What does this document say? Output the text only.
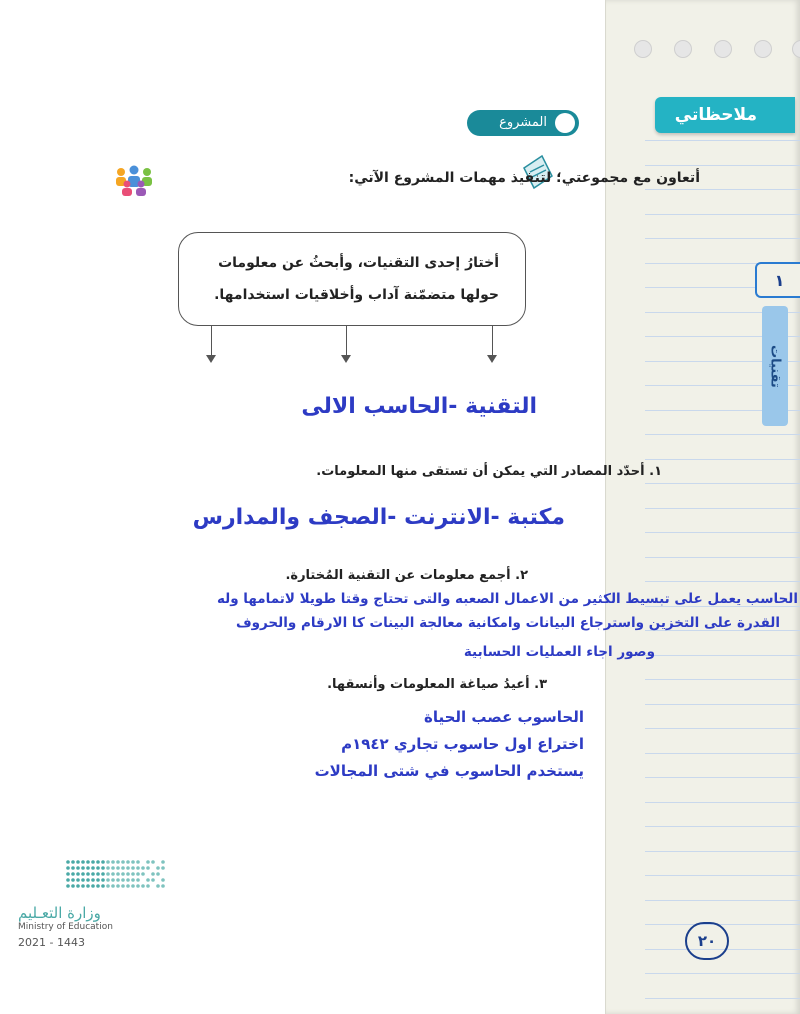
ملاحظاتي
١
تقنيات
المشروع
أتعاون مع مجموعتي؛ لتنفيذ مهمات المشروع الآتي:
أختارُ إحدى التقنيات، وأبحثُ عن معلومات
حولها متضمّنة آداب وأخلاقيات استخدامها.
التقنية -الحاسب الالى
١. أحدّد المصادر التي يمكن أن تستقى منها المعلومات.
مكتبة -الانترنت -الصجف والمدارس
٢. أجمع معلومات عن التقنية المُختارة.
الحاسب يعمل على تبسيط الكثير من الاعمال الصعبه والتى تحتاج وقتا طويلا لاتمامها وله
القدرة على التخزين واسترجاع البيانات وامكانية معالجة البينات كا الارقام والحروف
وصور اجاء العمليات الحسابية
٣. أعيدُ صياغة المعلومات وأنسقها.
الحاسوب عصب الحياة
اختراع اول حاسوب تجاري ١٩٤٢م
يستخدم الحاسوب في شتى المجالات
وزارة التعـليم
Ministry of Education
2021 - 1443	٢٠
